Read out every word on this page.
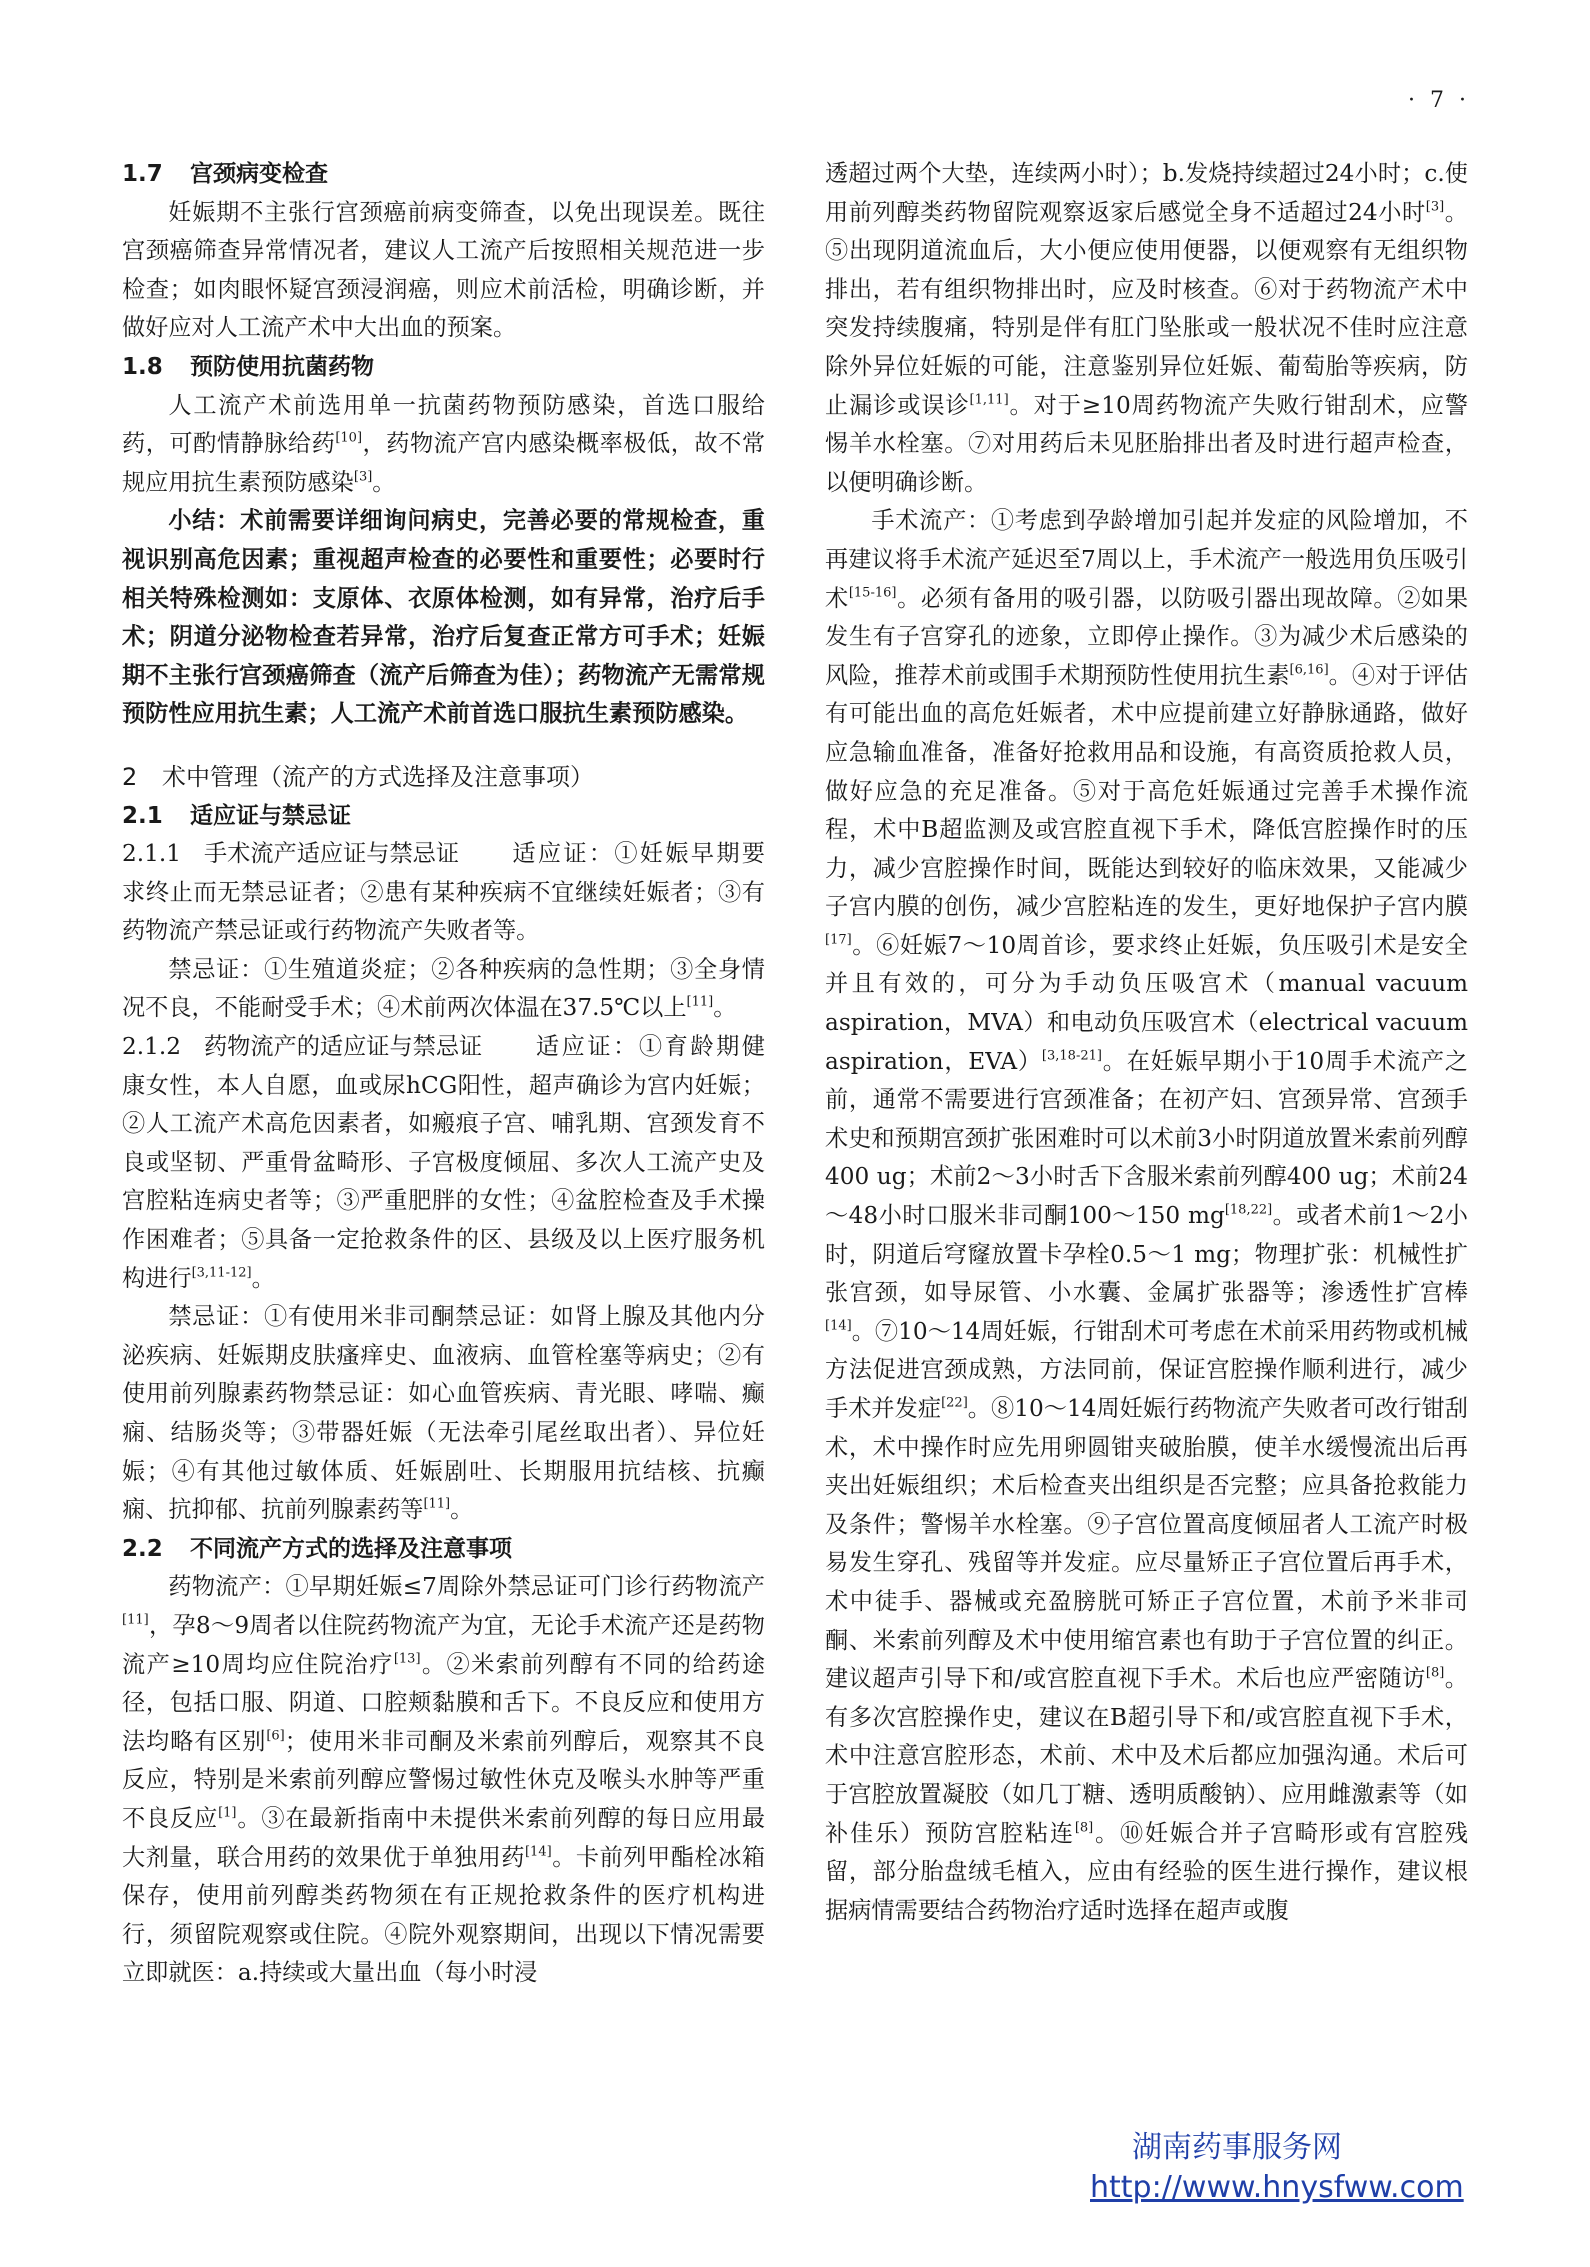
· 7 ·

1.7 宫颈病变检查

妊娠期不主张行宫颈癌前病变筛查，以免出现误差。既往宫颈癌筛查异常情况者，建议人工流产后按照相关规范进一步检查；如肉眼怀疑宫颈浸润癌，则应术前活检，明确诊断，并做好应对人工流产术中大出血的预案。

1.8 预防使用抗菌药物

人工流产术前选用单一抗菌药物预防感染，首选口服给药，可酌情静脉给药[10]，药物流产宫内感染概率极低，故不常规应用抗生素预防感染[3]。

小结：术前需要详细询问病史，完善必要的常规检查，重视识别高危因素；重视超声检查的必要性和重要性；必要时行相关特殊检测如：支原体、衣原体检测，如有异常，治疗后手术；阴道分泌物检查若异常，治疗后复查正常方可手术；妊娠期不主张行宫颈癌筛查（流产后筛查为佳）；药物流产无需常规预防性应用抗生素；人工流产术前首选口服抗生素预防感染。

2 术中管理（流产的方式选择及注意事项）

2.1 适应证与禁忌证

2.1.1 手术流产适应证与禁忌证 适应证：①妊娠早期要求终止而无禁忌证者；②患有某种疾病不宜继续妊娠者；③有药物流产禁忌证或行药物流产失败者等。

禁忌证：①生殖道炎症；②各种疾病的急性期；③全身情况不良，不能耐受手术；④术前两次体温在37.5℃以上[11]。

2.1.2 药物流产的适应证与禁忌证 适应证：①育龄期健康女性，本人自愿，血或尿hCG阳性，超声确诊为宫内妊娠；②人工流产术高危因素者，如瘢痕子宫、哺乳期、宫颈发育不良或坚韧、严重骨盆畸形、子宫极度倾屈、多次人工流产史及宫腔粘连病史者等；③严重肥胖的女性；④盆腔检查及手术操作困难者；⑤具备一定抢救条件的区、县级及以上医疗服务机构进行[3,11-12]。

禁忌证：①有使用米非司酮禁忌证：如肾上腺及其他内分泌疾病、妊娠期皮肤瘙痒史、血液病、血管栓塞等病史；②有使用前列腺素药物禁忌证：如心血管疾病、青光眼、哮喘、癫痫、结肠炎等；③带器妊娠（无法牵引尾丝取出者）、异位妊娠；④有其他过敏体质、妊娠剧吐、长期服用抗结核、抗癫痫、抗抑郁、抗前列腺素药等[11]。

2.2 不同流产方式的选择及注意事项

药物流产：①早期妊娠≤7周除外禁忌证可门诊行药物流产[11]，孕8～9周者以住院药物流产为宜，无论手术流产还是药物流产≥10周均应住院治疗[13]。②米索前列醇有不同的给药途径，包括口服、阴道、口腔颊黏膜和舌下。不良反应和使用方法均略有区别[6]；使用米非司酮及米索前列醇后，观察其不良反应，特别是米索前列醇应警惕过敏性休克及喉头水肿等严重不良反应[1]。③在最新指南中未提供米索前列醇的每日应用最大剂量，联合用药的效果优于单独用药[14]。卡前列甲酯栓冰箱保存，使用前列醇类药物须在有正规抢救条件的医疗机构进行，须留院观察或住院。④院外观察期间，出现以下情况需要立即就医：a.持续或大量出血（每小时浸

透超过两个大垫，连续两小时）；b.发烧持续超过24小时；c.使用前列醇类药物留院观察返家后感觉全身不适超过24小时[3]。⑤出现阴道流血后，大小便应使用便器，以便观察有无组织物排出，若有组织物排出时，应及时核查。⑥对于药物流产术中突发持续腹痛，特别是伴有肛门坠胀或一般状况不佳时应注意除外异位妊娠的可能，注意鉴别异位妊娠、葡萄胎等疾病，防止漏诊或误诊[1,11]。对于≥10周药物流产失败行钳刮术，应警惕羊水栓塞。⑦对用药后未见胚胎排出者及时进行超声检查，以便明确诊断。

手术流产：①考虑到孕龄增加引起并发症的风险增加，不再建议将手术流产延迟至7周以上，手术流产一般选用负压吸引术[15-16]。必须有备用的吸引器，以防吸引器出现故障。②如果发生有子宫穿孔的迹象，立即停止操作。③为减少术后感染的风险，推荐术前或围手术期预防性使用抗生素[6,16]。④对于评估有可能出血的高危妊娠者，术中应提前建立好静脉通路，做好应急输血准备，准备好抢救用品和设施，有高资质抢救人员，做好应急的充足准备。⑤对于高危妊娠通过完善手术操作流程，术中B超监测及或宫腔直视下手术，降低宫腔操作时的压力，减少宫腔操作时间，既能达到较好的临床效果，又能减少子宫内膜的创伤，减少宫腔粘连的发生，更好地保护子宫内膜[17]。⑥妊娠7～10周首诊，要求终止妊娠，负压吸引术是安全并且有效的，可分为手动负压吸宫术（manual vacuum aspiration，MVA）和电动负压吸宫术（electrical vacuum aspiration，EVA）[3,18-21]。在妊娠早期小于10周手术流产之前，通常不需要进行宫颈准备；在初产妇、宫颈异常、宫颈手术史和预期宫颈扩张困难时可以术前3小时阴道放置米索前列醇400 ug；术前2～3小时舌下含服米索前列醇400 ug；术前24～48小时口服米非司酮100～150 mg[18,22]。或者术前1～2小时，阴道后穹窿放置卡孕栓0.5～1 mg；物理扩张：机械性扩张宫颈，如导尿管、小水囊、金属扩张器等；渗透性扩宫棒[14]。⑦10～14周妊娠，行钳刮术可考虑在术前采用药物或机械方法促进宫颈成熟，方法同前，保证宫腔操作顺利进行，减少手术并发症[22]。⑧10～14周妊娠行药物流产失败者可改行钳刮术，术中操作时应先用卵圆钳夹破胎膜，使羊水缓慢流出后再夹出妊娠组织；术后检查夹出组织是否完整；应具备抢救能力及条件；警惕羊水栓塞。⑨子宫位置高度倾屈者人工流产时极易发生穿孔、残留等并发症。应尽量矫正子宫位置后再手术，术中徒手、器械或充盈膀胱可矫正子宫位置，术前予米非司酮、米索前列醇及术中使用缩宫素也有助于子宫位置的纠正。建议超声引导下和/或宫腔直视下手术。术后也应严密随访[8]。有多次宫腔操作史，建议在B超引导下和/或宫腔直视下手术，术中注意宫腔形态，术前、术中及术后都应加强沟通。术后可于宫腔放置凝胶（如几丁糖、透明质酸钠）、应用雌激素等（如补佳乐）预防宫腔粘连[8]。⑩妊娠合并子宫畸形或有宫腔残留，部分胎盘绒毛植入，应由有经验的医生进行操作，建议根据病情需要结合药物治疗适时选择在超声或腹

湖南药事服务网
http://www.hnysfww.com
